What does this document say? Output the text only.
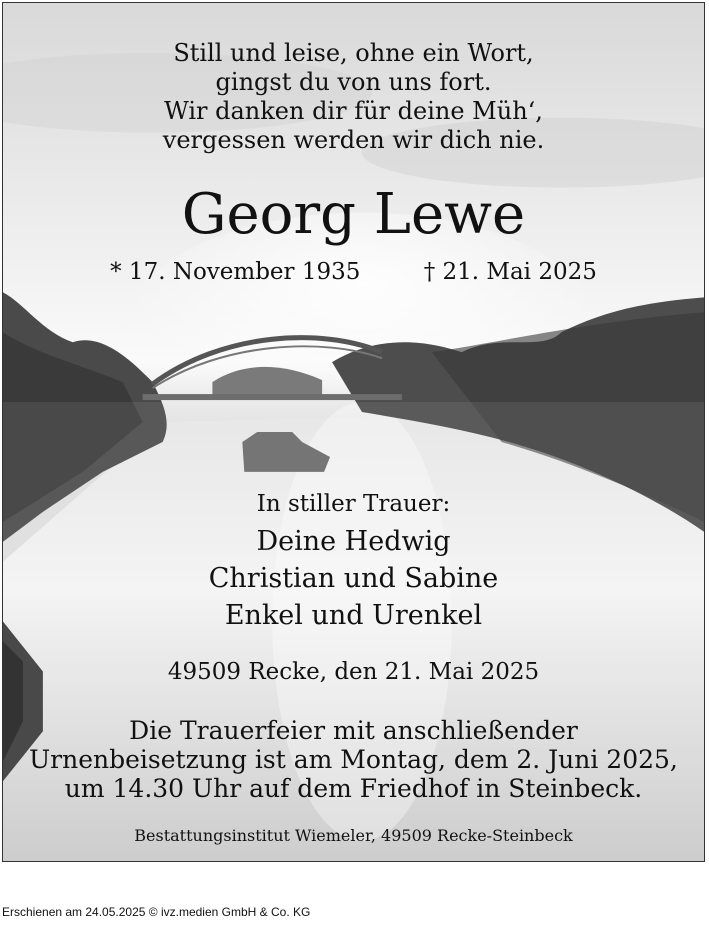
Still und leise, ohne ein Wort,
gingst du von uns fort.
Wir danken dir für deine Müh‘,
vergessen werden wir dich nie.
Georg Lewe
* 17. November 1935	† 21. Mai 2025
In stiller Trauer:
Deine Hedwig
Christian und Sabine
Enkel und Urenkel
49509 Recke, den 21. Mai 2025
Die Trauerfeier mit anschließender
Urnenbeisetzung ist am Montag, dem 2. Juni 2025,
um 14.30 Uhr auf dem Friedhof in Steinbeck.
Bestattungsinstitut Wiemeler, 49509 Recke-Steinbeck
Erschienen am 24.05.2025 © ivz.medien GmbH & Co. KG
